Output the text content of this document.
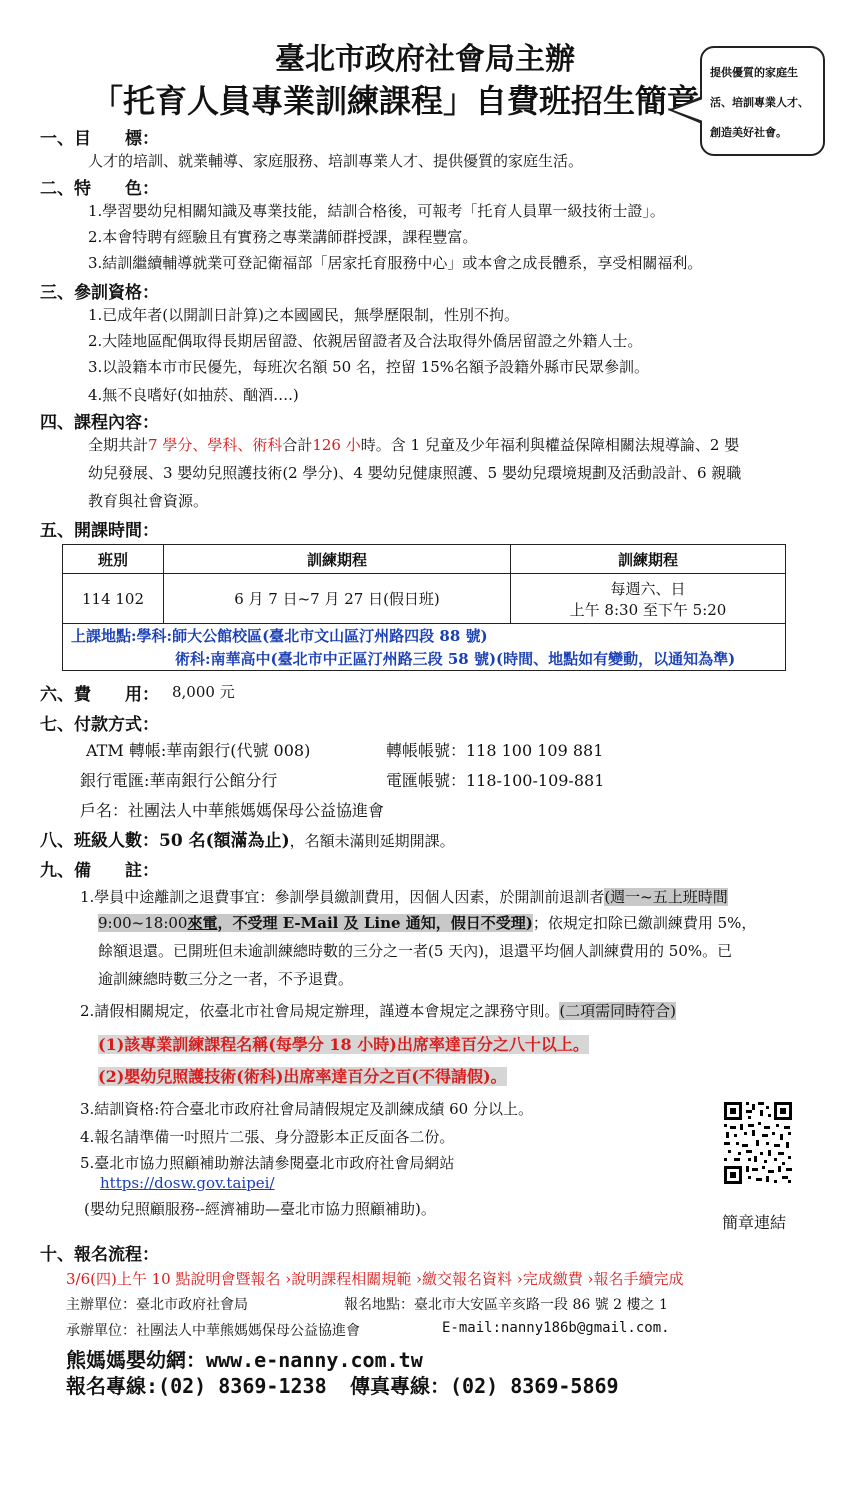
臺北市政府社會局主辦
「托育人員專業訓練課程」自費班招生簡章
提供優質的家庭生
活、培訓專業人才、
創造美好社會。
一、目　　標：
人才的培訓、就業輔導、家庭服務、培訓專業人才、提供優質的家庭生活。
二、特　　色：
1.學習嬰幼兒相關知識及專業技能，結訓合格後，可報考「托育人員單一級技術士證」。
2.本會特聘有經驗且有實務之專業講師群授課，課程豐富。
3.結訓繼續輔導就業可登記衛福部「居家托育服務中心」或本會之成長體系，享受相關福利。
三、參訓資格：
1.已成年者(以開訓日計算)之本國國民，無學歷限制，性別不拘。
2.大陸地區配偶取得長期居留證、依親居留證者及合法取得外僑居留證之外籍人士。
3.以設籍本市市民優先，每班次名額 50 名，控留 15%名額予設籍外縣市民眾參訓。
4.無不良嗜好(如抽菸、酗酒….)
四、課程內容：
全期共計7 學分、學科、術科合計126 小時。含 1 兒童及少年福利與權益保障相關法規導論、2 嬰
幼兒發展、3 嬰幼兒照護技術(2 學分)、4 嬰幼兒健康照護、5 嬰幼兒環境規劃及活動設計、6 親職
教育與社會資源。
五、開課時間：
班別	訓練期程	訓練期程
114 102	6 月 7 日~7 月 27 日(假日班)	每週六、日
上午 8:30 至下午 5:20
上課地點:學科:師大公館校區(臺北市文山區汀州路四段 88 號)
術科:南華高中(臺北市中正區汀州路三段 58 號)(時間、地點如有變動，以通知為準)
六、費　　用： 8,000 元
七、付款方式：
ATM 轉帳:華南銀行(代號 008)	轉帳帳號：118 100 109 881
銀行電匯:華南銀行公館分行	電匯帳號：118-100-109-881
戶名：社團法人中華熊媽媽保母公益協進會
八、班級人數：50 名(額滿為止)，名額未滿則延期開課。
九、備　　註：
1.學員中途離訓之退費事宜：參訓學員繳訓費用，因個人因素，於開訓前退訓者(週一~五上班時間
9:00~18:00來電，不受理 E-Mail 及 Line 通知，假日不受理)；依規定扣除已繳訓練費用 5%，
餘額退還。已開班但未逾訓練總時數的三分之一者(5 天內)，退還平均個人訓練費用的 50%。已
逾訓練總時數三分之一者，不予退費。
2.請假相關規定，依臺北市社會局規定辦理，謹遵本會規定之課務守則。(二項需同時符合)
(1)該專業訓練課程名稱(每學分 18 小時)出席率達百分之八十以上。
(2)嬰幼兒照護技術(術科)出席率達百分之百(不得請假)。
3.結訓資格:符合臺北市政府社會局請假規定及訓練成績 60 分以上。
4.報名請準備一吋照片二張、身分證影本正反面各二份。
5.臺北市協力照顧補助辦法請參閱臺北市政府社會局網站
https://dosw.gov.taipei/
(嬰幼兒照顧服務--經濟補助—臺北市協力照顧補助)。
簡章連結
十、報名流程：
3/6(四)上午 10 點說明會暨報名 ›說明課程相關規範 ›繳交報名資料 ›完成繳費 ›報名手續完成
主辦單位：臺北市政府社會局	報名地點：臺北市大安區辛亥路一段 86 號 2 樓之 1
承辦單位：社團法人中華熊媽媽保母公益協進會	E-mail:nanny186b@gmail.com.
熊媽媽嬰幼網：www.e-nanny.com.tw
報名專線:(02) 8369-1238 傳真專線：(02) 8369-5869
